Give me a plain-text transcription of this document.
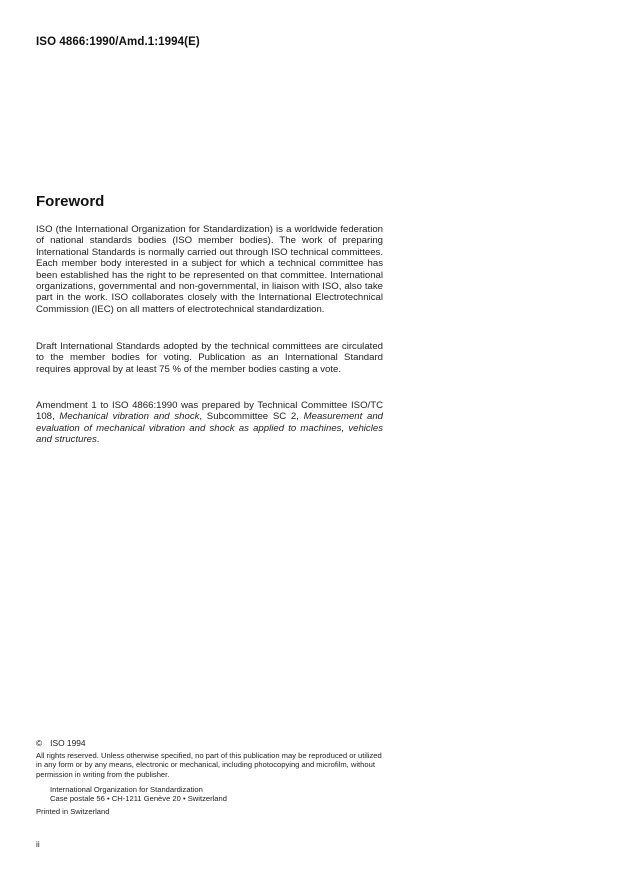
ISO 4866:1990/Amd.1:1994(E)
Foreword

ISO (the International Organization for Standardization) is a worldwide federation of national standards bodies (ISO member bodies). The work of preparing International Standards is normally carried out through ISO technical committees. Each member body interested in a subject for which a technical committee has been established has the right to be represented on that committee. International organizations, governmental and non-governmental, in liaison with ISO, also take part in the work. ISO collaborates closely with the International Electrotechnical Commission (IEC) on all matters of electrotechnical standardization.

Draft International Standards adopted by the technical committees are circulated to the member bodies for voting. Publication as an International Standard requires approval by at least 75 % of the member bodies casting a vote.

Amendment 1 to ISO 4866:1990 was prepared by Technical Committee ISO/TC 108, Mechanical vibration and shock, Subcommittee SC 2, Measurement and evaluation of mechanical vibration and shock as applied to machines, vehicles and structures.

© ISO 1994

All rights reserved. Unless otherwise specified, no part of this publication may be reproduced or utilized in any form or by any means, electronic or mechanical, including photocopying and microfilm, without permission in writing from the publisher.

International Organization for Standardization
Case postale 56 • CH-1211 Genève 20 • Switzerland
Printed in Switzerland
ii
